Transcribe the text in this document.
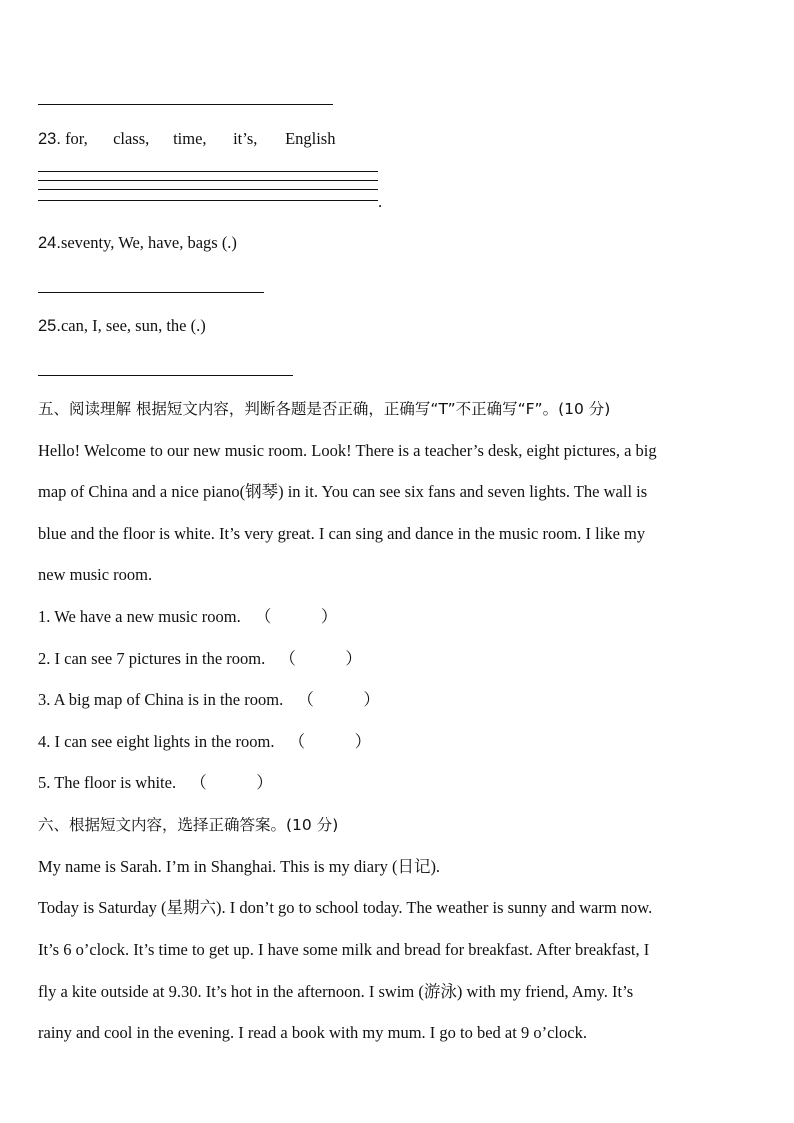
23. for, class, time, it’s, English
.
24.seventy, We, have, bags (.)
25.can, I, see, sun, the (.)
五、阅读理解 根据短文内容，判断各题是否正确，正确写“T”不正确写“F”。(10 分)
Hello! Welcome to our new music room. Look! There is a teacher’s desk, eight pictures, a big
map of China and a nice piano(钢琴) in it. You can see six fans and seven lights. The wall is
blue and the floor is white. It’s very great. I can sing and dance in the music room. I like my
new music room.
1. We have a new music room. （　　　）
2. I can see 7 pictures in the room. （　　　）
3. A big map of China is in the room. （　　　）
4. I can see eight lights in the room. （　　　）
5. The floor is white. （　　　）
六、根据短文内容，选择正确答案。(10 分)
My name is Sarah. I’m in Shanghai. This is my diary (日记).
Today is Saturday (星期六). I don’t go to school today. The weather is sunny and warm now.
It’s 6 o’clock. It’s time to get up. I have some milk and bread for breakfast. After breakfast, I
fly a kite outside at 9.30. It’s hot in the afternoon. I swim (游泳) with my friend, Amy. It’s
rainy and cool in the evening. I read a book with my mum. I go to bed at 9 o’clock.
